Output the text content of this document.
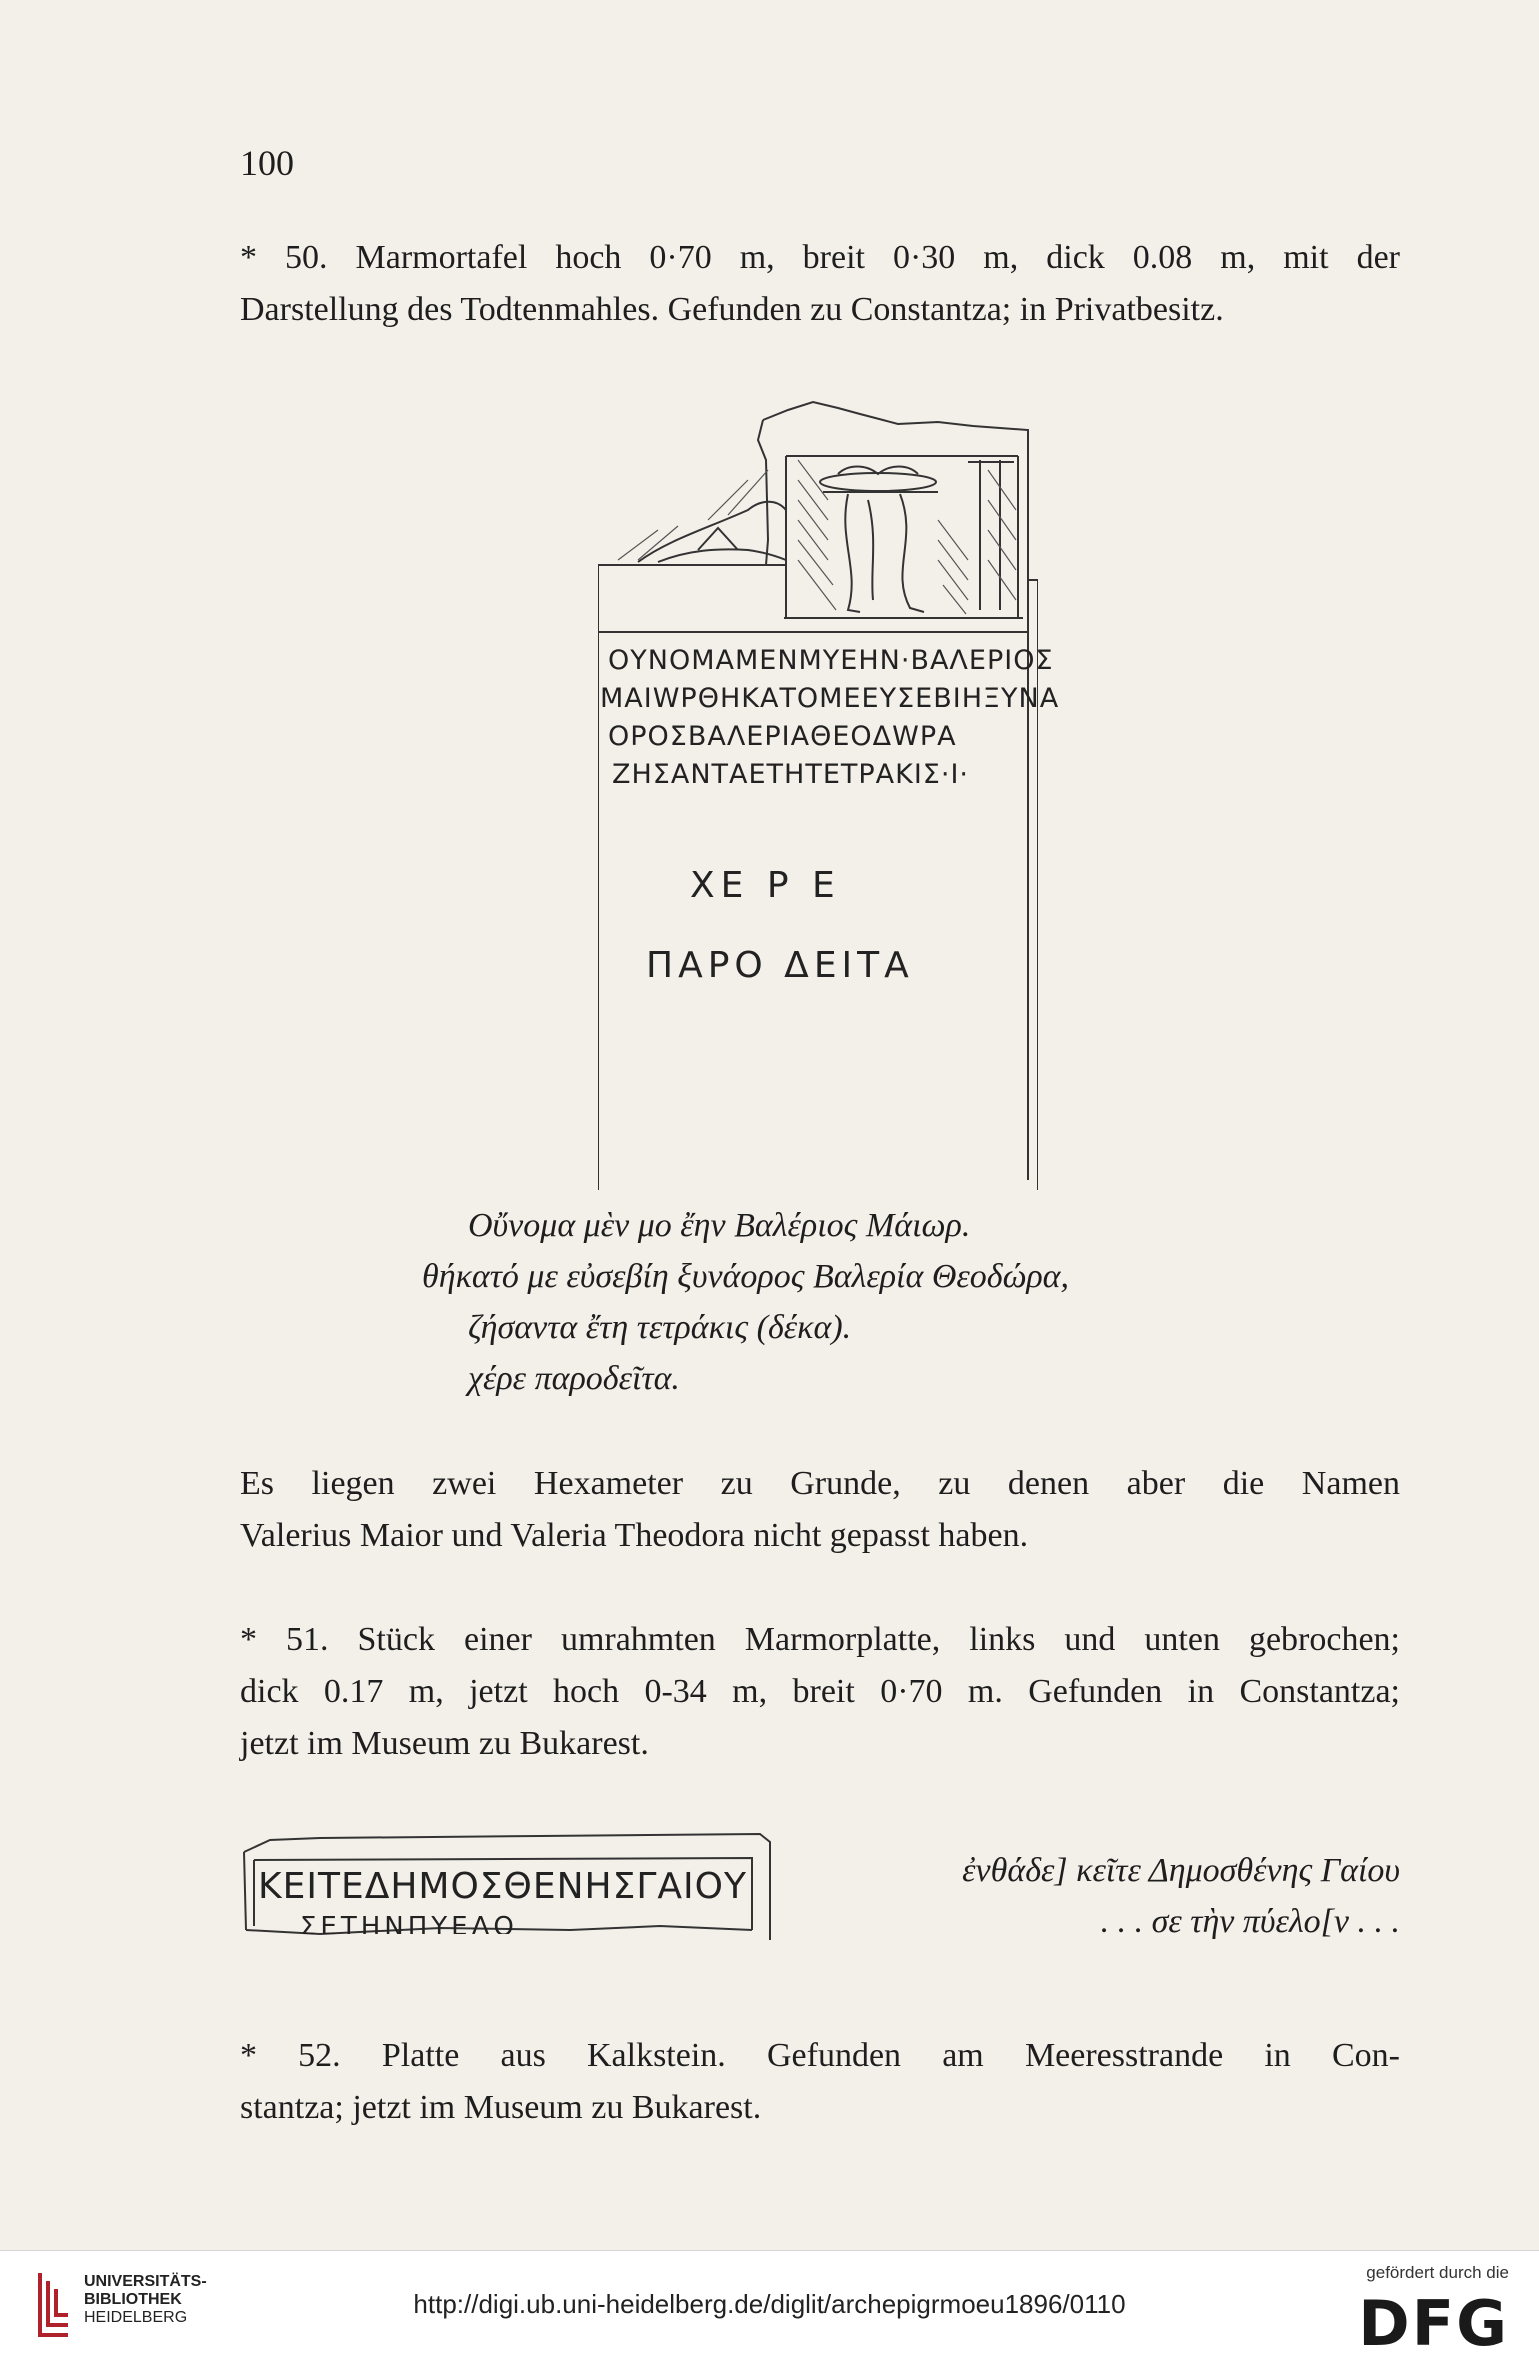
100
* 50. Marmortafel hoch 0·70 m, breit 0·30 m, dick 0.08 m, mit der
Darstellung des Todtenmahles. Gefunden zu Constantza; in Privatbesitz.
ΟΥΝΟΜΑΜΕΝΜΥΕΗΝ·ΒΑΛΕΡΙΟΣ
ΜΑΙWΡΘΗΚΑΤΟΜΕΕΥΣΕΒΙΗΞΥΝΑ
ΟΡΟΣΒΑΛΕΡΙΑΘΕΟΔWΡΑ
ΖΗΣΑΝΤΑΕΤΗΤΕΤΡΑΚΙΣ·Ι·
ΧΕ Ρ Ε
ΠΑΡΟ ΔΕΙΤΑ
Οὔνομα μὲν μο ἔην Βαλέριος Μάιωρ.
θήκατό με εὐσεβίη ξυνάορος Βαλερία Θεοδώρα,
ζήσαντα ἔτη τετράκις (δέκα).
χέρε παροδεῖτα.
Es liegen zwei Hexameter zu Grunde, zu denen aber die Namen
Valerius Maior und Valeria Theodora nicht gepasst haben.
* 51. Stück einer umrahmten Marmorplatte, links und unten gebrochen;
dick 0.17 m, jetzt hoch 0-34 m, breit 0·70 m. Gefunden in Constantza;
jetzt im Museum zu Bukarest.
ΚΕΙΤΕΔΗΜΟΣΘΕΝΗΣΓΑΙΟΥ
ΣΕΤΗΝΠΥΕΛΟ
ἐνθάδε] κεῖτε Δημοσθένης Γαίου
. . . σε τὴν πύελο[ν . . .
* 52. Platte aus Kalkstein. Gefunden am Meeresstrande in Con-
stantza; jetzt im Museum zu Bukarest.
UNIVERSITÄTS-
BIBLIOTHEK
HEIDELBERG	http://digi.ub.uni-heidelberg.de/diglit/archepigrmoeu1896/0110
gefördert durch die
DFG
